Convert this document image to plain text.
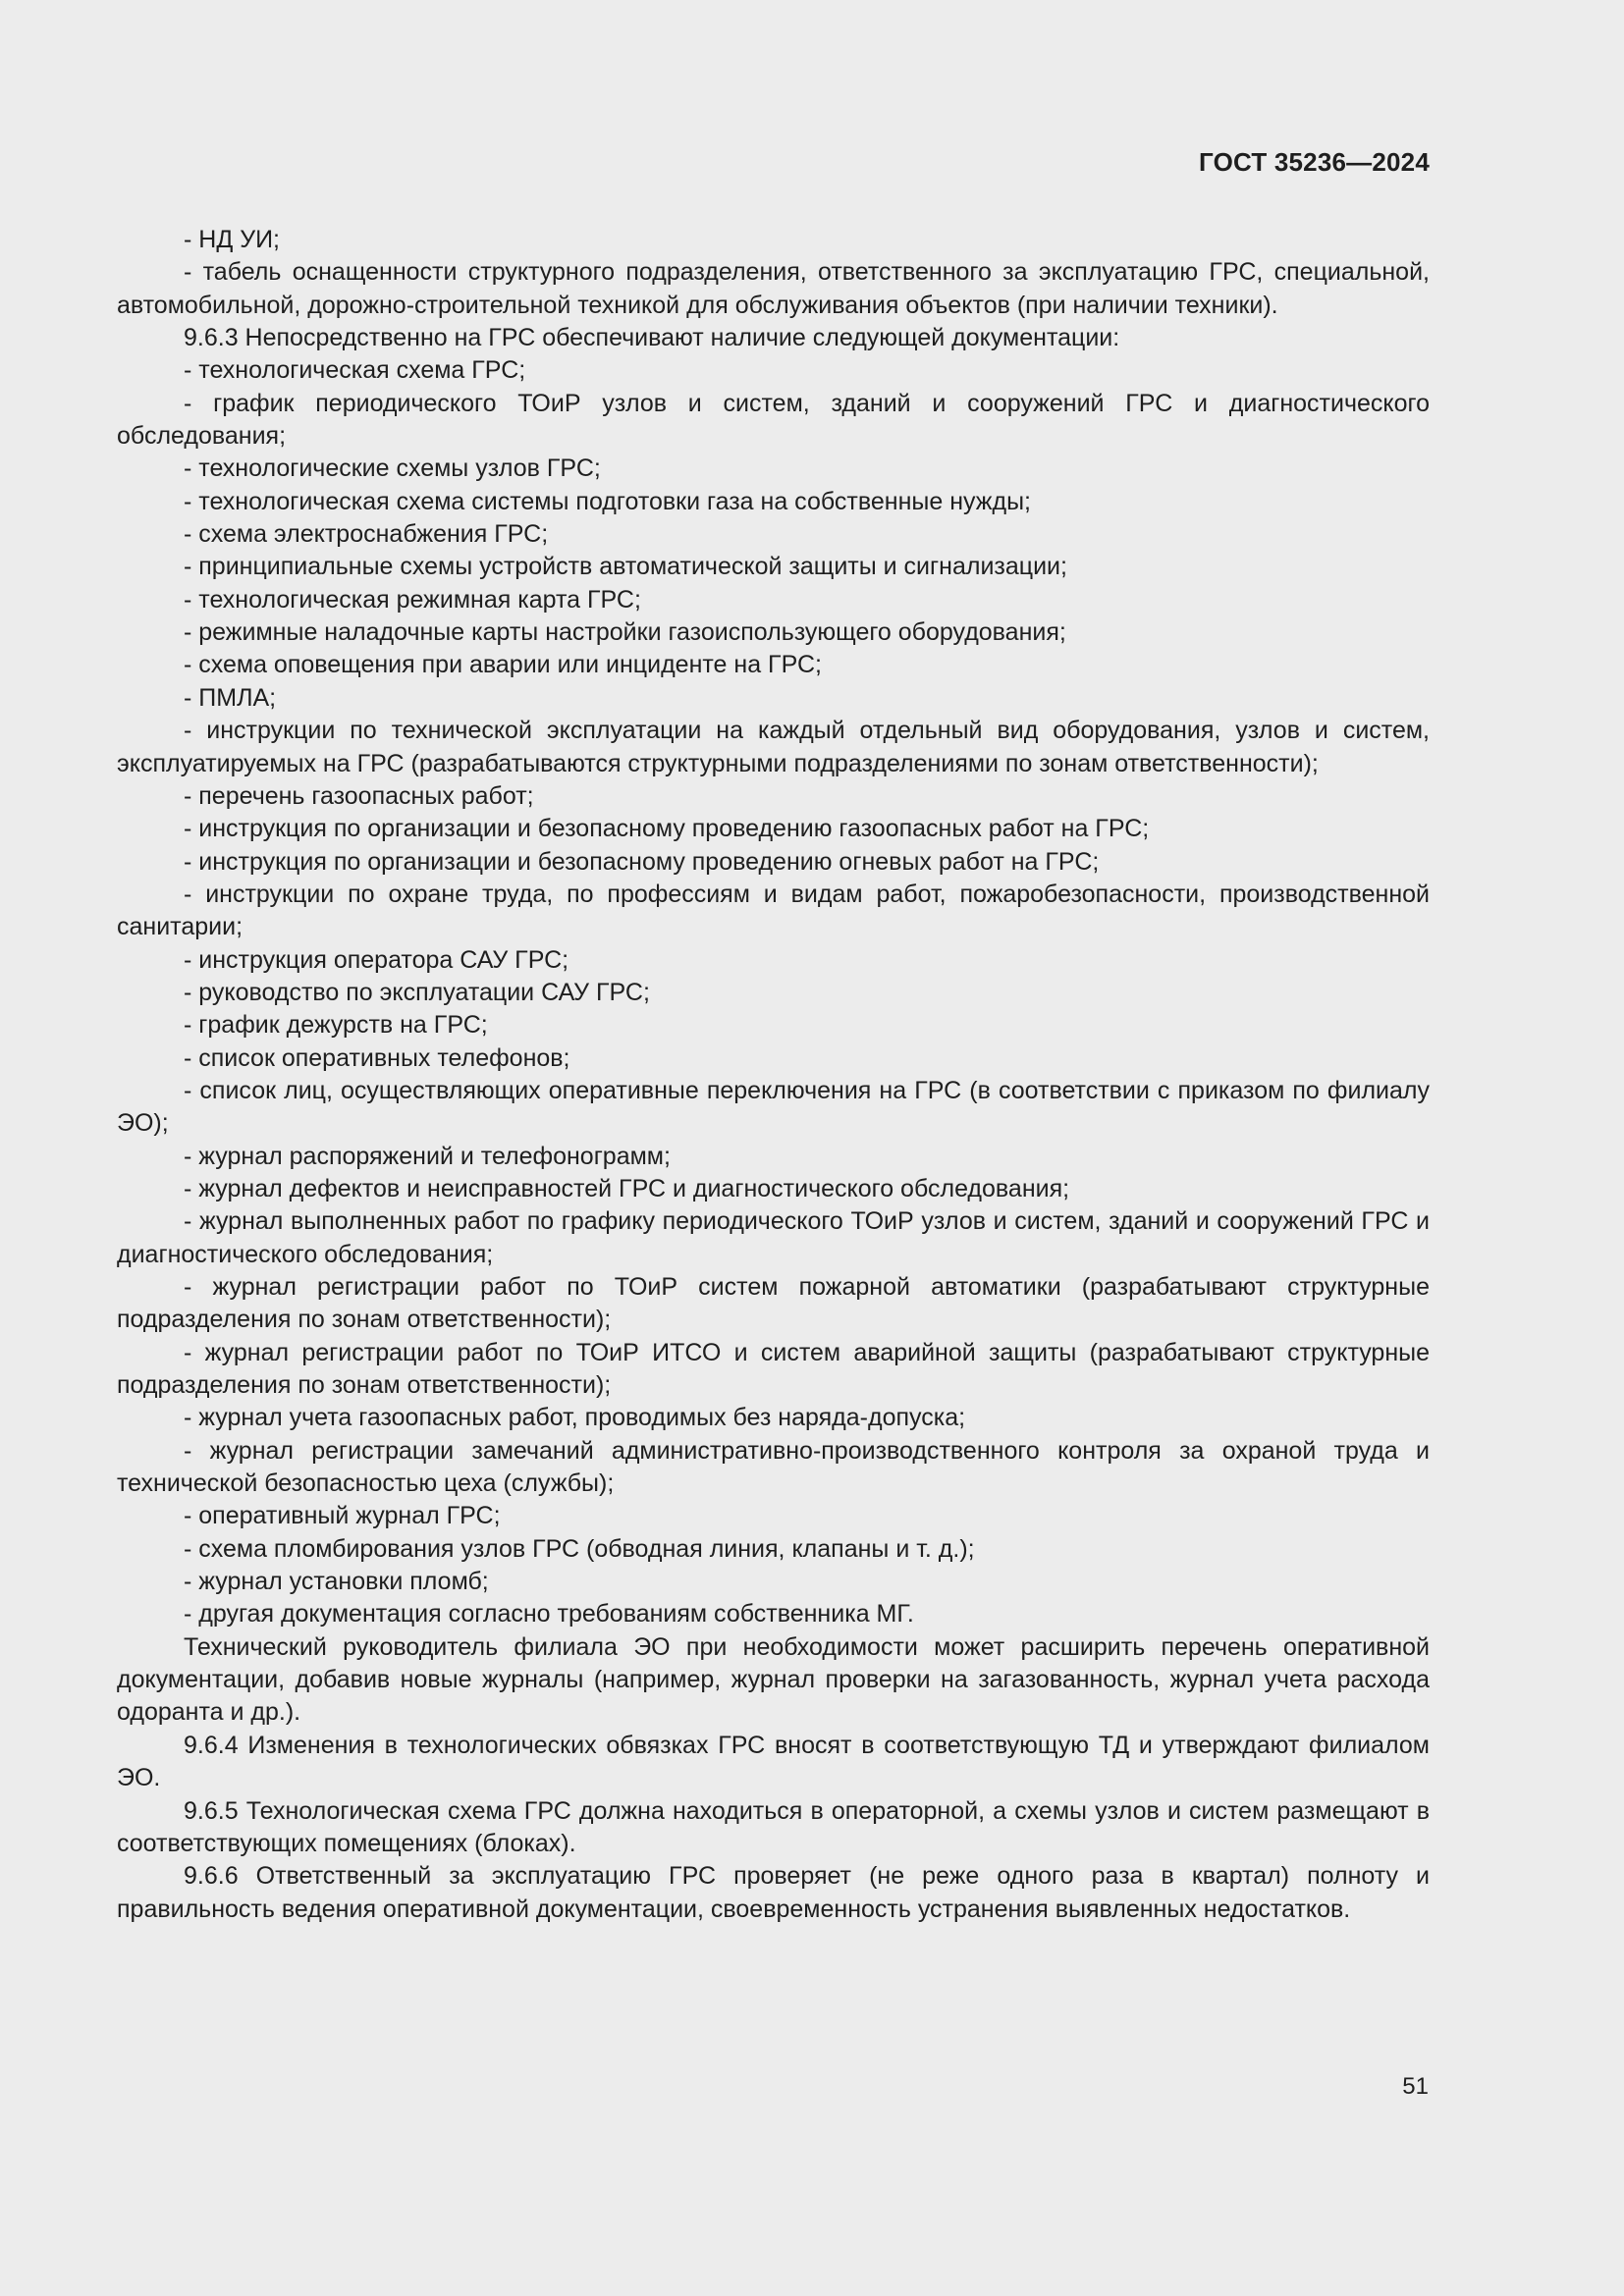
ГОСТ 35236—2024

- НД УИ;

- табель оснащенности структурного подразделения, ответственного за эксплуатацию ГРС, специальной, автомобильной, дорожно-строительной техникой для обслуживания объектов (при наличии техники).

9.6.3 Непосредственно на ГРС обеспечивают наличие следующей документации:

- технологическая схема ГРС;

- график периодического ТОиР узлов и систем, зданий и сооружений ГРС и диагностического обследования;

- технологические схемы узлов ГРС;

- технологическая схема системы подготовки газа на собственные нужды;

- схема электроснабжения ГРС;

- принципиальные схемы устройств автоматической защиты и сигнализации;

- технологическая режимная карта ГРС;

- режимные наладочные карты настройки газоиспользующего оборудования;

- схема оповещения при аварии или инциденте на ГРС;

- ПМЛА;

- инструкции по технической эксплуатации на каждый отдельный вид оборудования, узлов и систем, эксплуатируемых на ГРС (разрабатываются структурными подразделениями по зонам ответственности);

- перечень газоопасных работ;

- инструкция по организации и безопасному проведению газоопасных работ на ГРС;

- инструкция по организации и безопасному проведению огневых работ на ГРС;

- инструкции по охране труда, по профессиям и видам работ, пожаробезопасности, производственной санитарии;

- инструкция оператора САУ ГРС;

- руководство по эксплуатации САУ ГРС;

- график дежурств на ГРС;

- список оперативных телефонов;

- список лиц, осуществляющих оперативные переключения на ГРС (в соответствии с приказом по филиалу ЭО);

- журнал распоряжений и телефонограмм;

- журнал дефектов и неисправностей ГРС и диагностического обследования;

- журнал выполненных работ по графику периодического ТОиР узлов и систем, зданий и сооружений ГРС и диагностического обследования;

- журнал регистрации работ по ТОиР систем пожарной автоматики (разрабатывают структурные подразделения по зонам ответственности);

- журнал регистрации работ по ТОиР ИТСО и систем аварийной защиты (разрабатывают структурные подразделения по зонам ответственности);

- журнал учета газоопасных работ, проводимых без наряда-допуска;

- журнал регистрации замечаний административно-производственного контроля за охраной труда и технической безопасностью цеха (службы);

- оперативный журнал ГРС;

- схема пломбирования узлов ГРС (обводная линия, клапаны и т. д.);

- журнал установки пломб;

- другая документация согласно требованиям собственника МГ.

Технический руководитель филиала ЭО при необходимости может расширить перечень оперативной документации, добавив новые журналы (например, журнал проверки на загазованность, журнал учета расхода одоранта и др.).

9.6.4 Изменения в технологических обвязках ГРС вносят в соответствующую ТД и утверждают филиалом ЭО.

9.6.5 Технологическая схема ГРС должна находиться в операторной, а схемы узлов и систем размещают в соответствующих помещениях (блоках).

9.6.6 Ответственный за эксплуатацию ГРС проверяет (не реже одного раза в квартал) полноту и правильность ведения оперативной документации, своевременность устранения выявленных недостатков.

51
